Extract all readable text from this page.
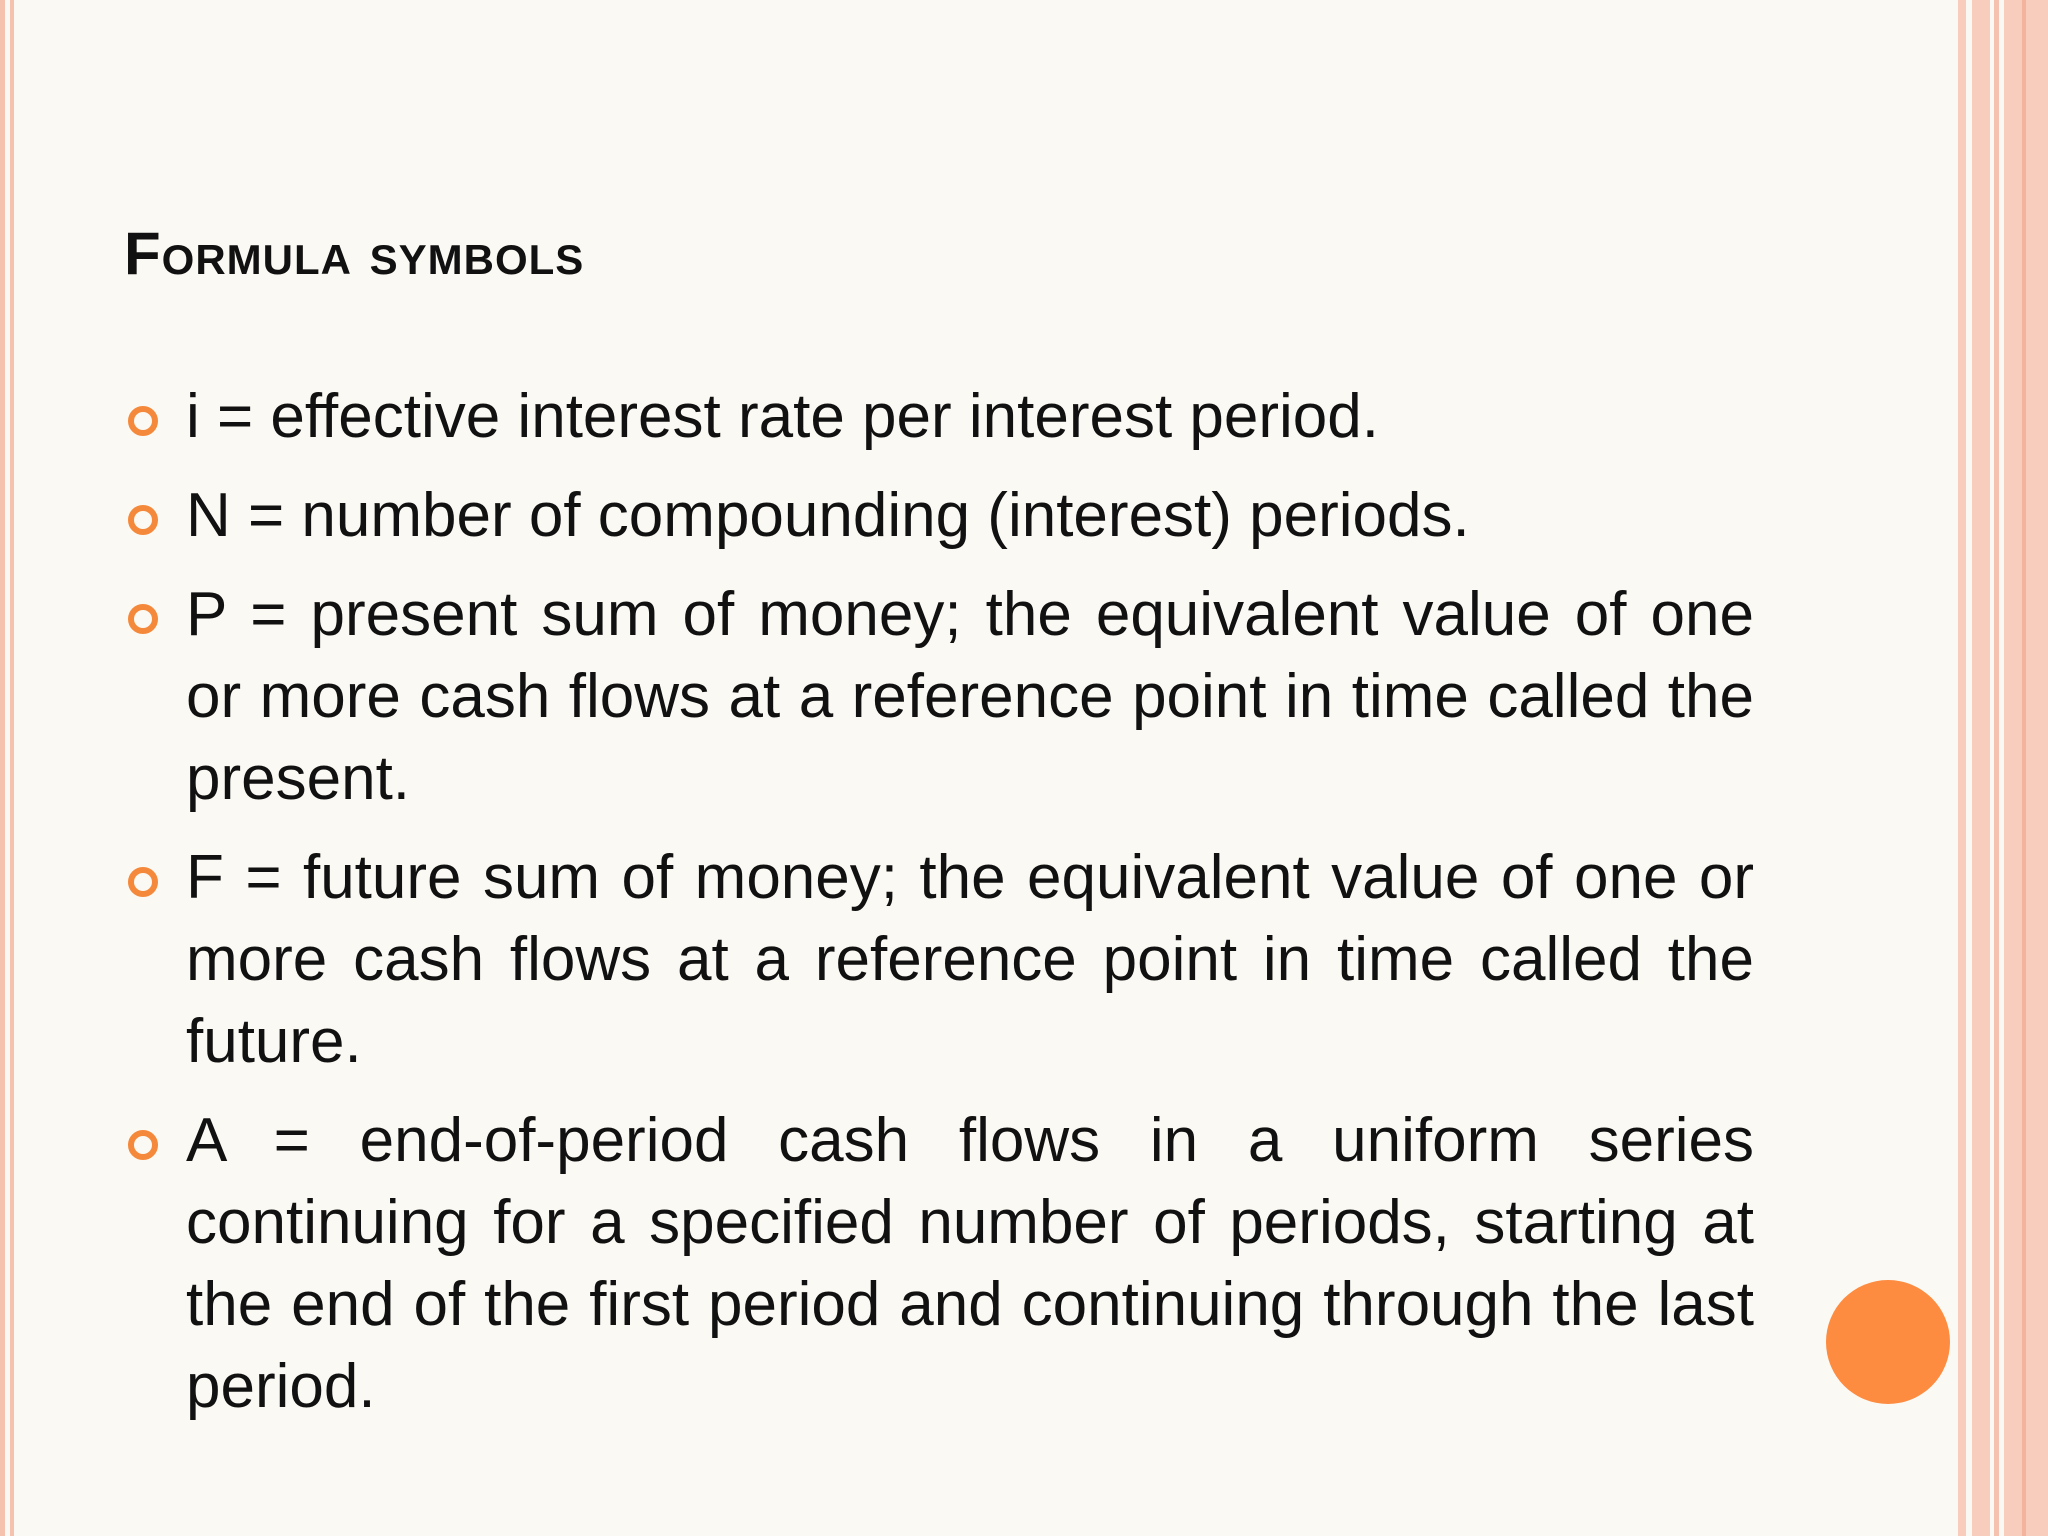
Formula symbols
i = effective interest rate per interest period.
N = number of compounding (interest) periods.
P = present sum of money; the equivalent value of one or more cash flows at a reference point in time called the present.
F = future sum of money; the equivalent value of one or more cash flows at a reference point in time called the future.
A = end-of-period cash flows in a uniform series continuing for a specified number of periods, starting at the end of the first period and continuing through the last period.
